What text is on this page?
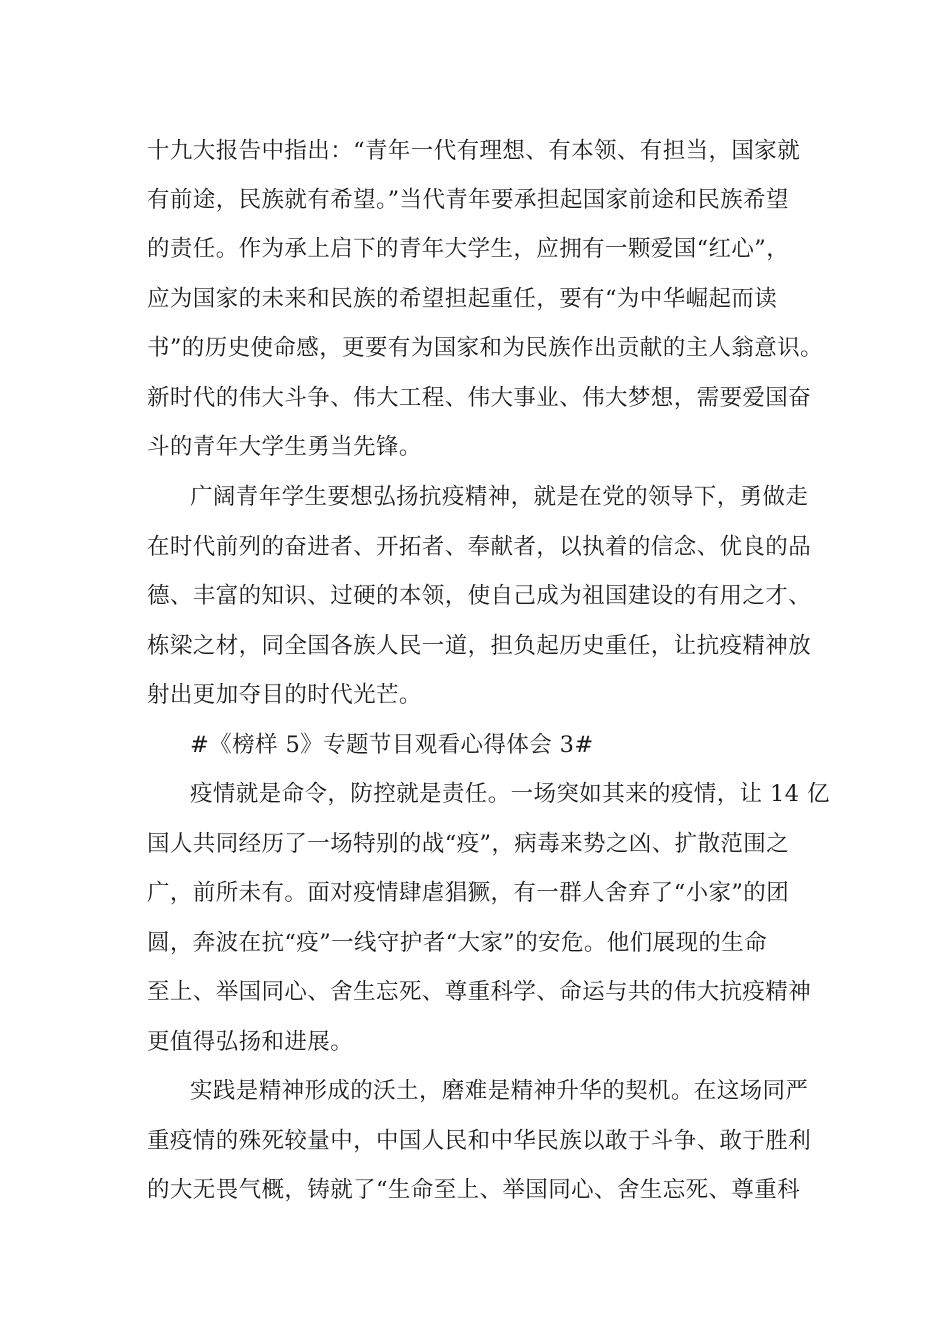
十九大报告中指出：“青年一代有理想、有本领、有担当，国家就
有前途，民族就有希望。”当代青年要承担起国家前途和民族希望
的责任。作为承上启下的青年大学生，应拥有一颗爱国“红心”，
应为国家的未来和民族的希望担起重任，要有“为中华崛起而读
书”的历史使命感，更要有为国家和为民族作出贡献的主人翁意识。
新时代的伟大斗争、伟大工程、伟大事业、伟大梦想，需要爱国奋
斗的青年大学生勇当先锋。
广阔青年学生要想弘扬抗疫精神，就是在党的领导下，勇做走
在时代前列的奋进者、开拓者、奉献者，以执着的信念、优良的品
德、丰富的知识、过硬的本领，使自己成为祖国建设的有用之才、
栋梁之材，同全国各族人民一道，担负起历史重任，让抗疫精神放
射出更加夺目的时代光芒。
#《榜样 5》专题节目观看心得体会 3#
疫情就是命令，防控就是责任。一场突如其来的疫情，让 14 亿
国人共同经历了一场特别的战“疫”，病毒来势之凶、扩散范围之
广，前所未有。面对疫情肆虐猖獗，有一群人舍弃了“小家”的团
圆，奔波在抗“疫”一线守护者“大家”的安危。他们展现的生命
至上、举国同心、舍生忘死、尊重科学、命运与共的伟大抗疫精神
更值得弘扬和进展。
实践是精神形成的沃土，磨难是精神升华的契机。在这场同严
重疫情的殊死较量中，中国人民和中华民族以敢于斗争、敢于胜利
的大无畏气概，铸就了“生命至上、举国同心、舍生忘死、尊重科
